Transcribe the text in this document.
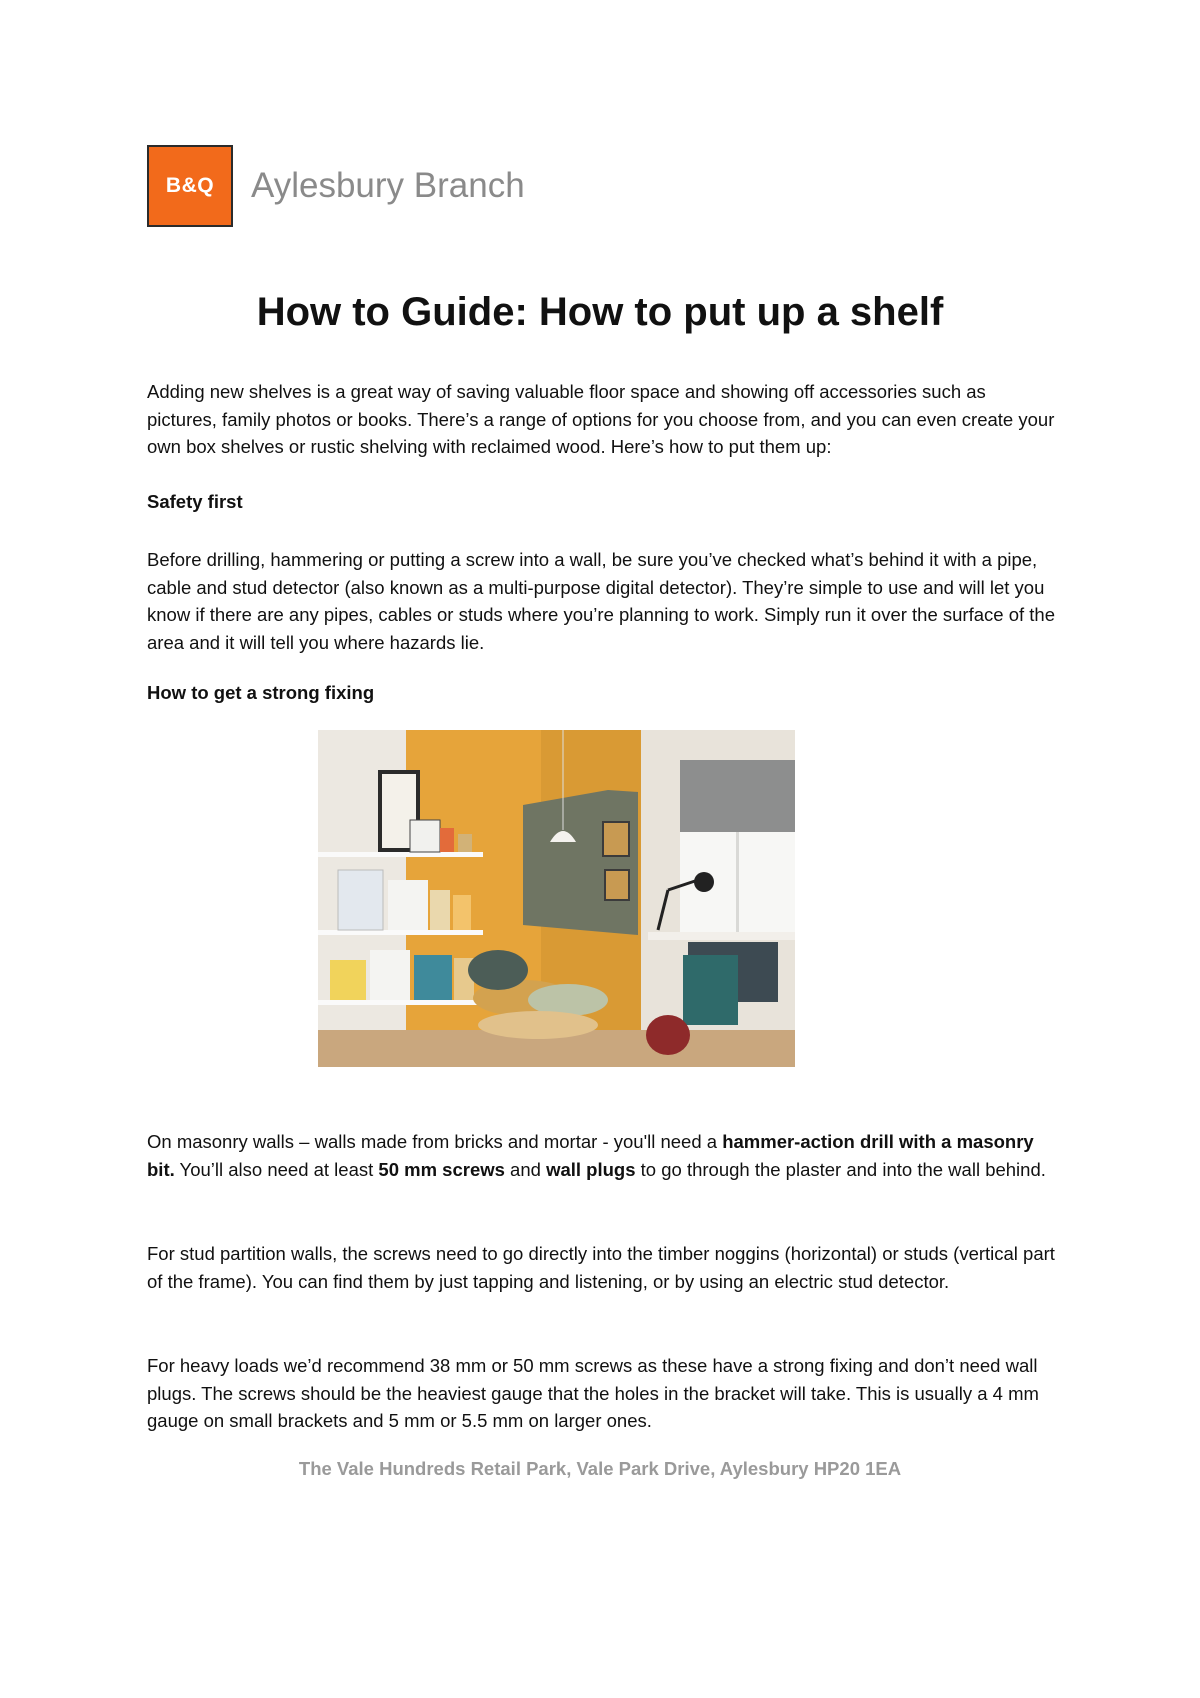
B&Q Aylesbury Branch
How to Guide: How to put up a shelf

Adding new shelves is a great way of saving valuable floor space and showing off accessories such as pictures, family photos or books. There’s a range of options for you choose from, and you can even create your own box shelves or rustic shelving with reclaimed wood. Here’s how to put them up:

Safety first

Before drilling, hammering or putting a screw into a wall, be sure you’ve checked what’s behind it with a pipe, cable and stud detector (also known as a multi-purpose digital detector). They’re simple to use and will let you know if there are any pipes, cables or studs where you’re planning to work. Simply run it over the surface of the area and it will tell you where hazards lie.

How to get a strong fixing

On masonry walls – walls made from bricks and mortar - you'll need a hammer-action drill with a masonry bit. You’ll also need at least 50 mm screws and wall plugs to go through the plaster and into the wall behind.

For stud partition walls, the screws need to go directly into the timber noggins (horizontal) or studs (vertical part of the frame). You can find them by just tapping and listening, or by using an electric stud detector.

For heavy loads we’d recommend 38 mm or 50 mm screws as these have a strong fixing and don’t need wall plugs. The screws should be the heaviest gauge that the holes in the bracket will take. This is usually a 4 mm gauge on small brackets and 5 mm or 5.5 mm on larger ones.

The Vale Hundreds Retail Park, Vale Park Drive, Aylesbury HP20 1EA
